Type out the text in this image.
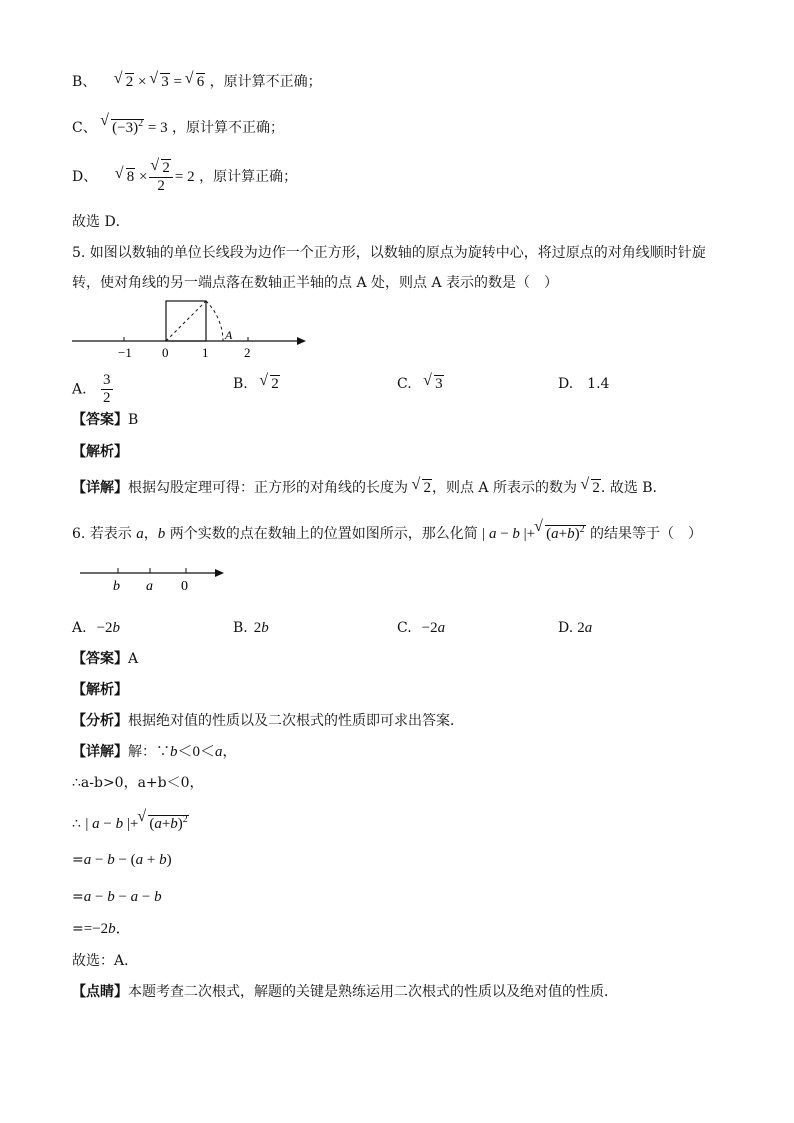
B、 √ 2 × √ 3 = √ 6 ，原计算不正确；
C、 √ $(-3)^2 = 3$ ，原计算不正确；
D、 √ 8 × √ $\frac{2}{2} = 2$ ，原计算正确；
故选 D．
5. 如图以数轴的单位长线段为边作一个正方形，以数轴的原点为旋转中心，将过原点的对角线顺时针旋
转，使对角线的另一端点落在数轴正半轴的点 A 处，则点 A 表示的数是（　）
−1 0	1	2
A
A. $\frac{3}{2}$	B. √ 2	C. √ 3	D.　1.4
【答案】B
【解析】
【详解】根据勾股定理可得：正方形的对角线的长度为 √ 2，则点 A 所表示的数为 √ 2. 故选 B.
6. 若表示 a，b 两个实数的点在数轴上的位置如图所示，那么化简 | a − b |+ √ $(a+b)^2$ 的结果等于（　）
b a 0
A. −2b	B. 2b	C. −2a	D. 2a
【答案】A
【解析】
【分析】根据绝对值的性质以及二次根式的性质即可求出答案．
【详解】解：∵b＜0＜a，
∴a-b>0，a+b＜0，
∴ | a − b |+ √ $(a+b)^2$
=a − b − (a + b)
=a − b − a − b
==−2b．
故选：A．
【点睛】本题考查二次根式，解题的关键是熟练运用二次根式的性质以及绝对值的性质．
